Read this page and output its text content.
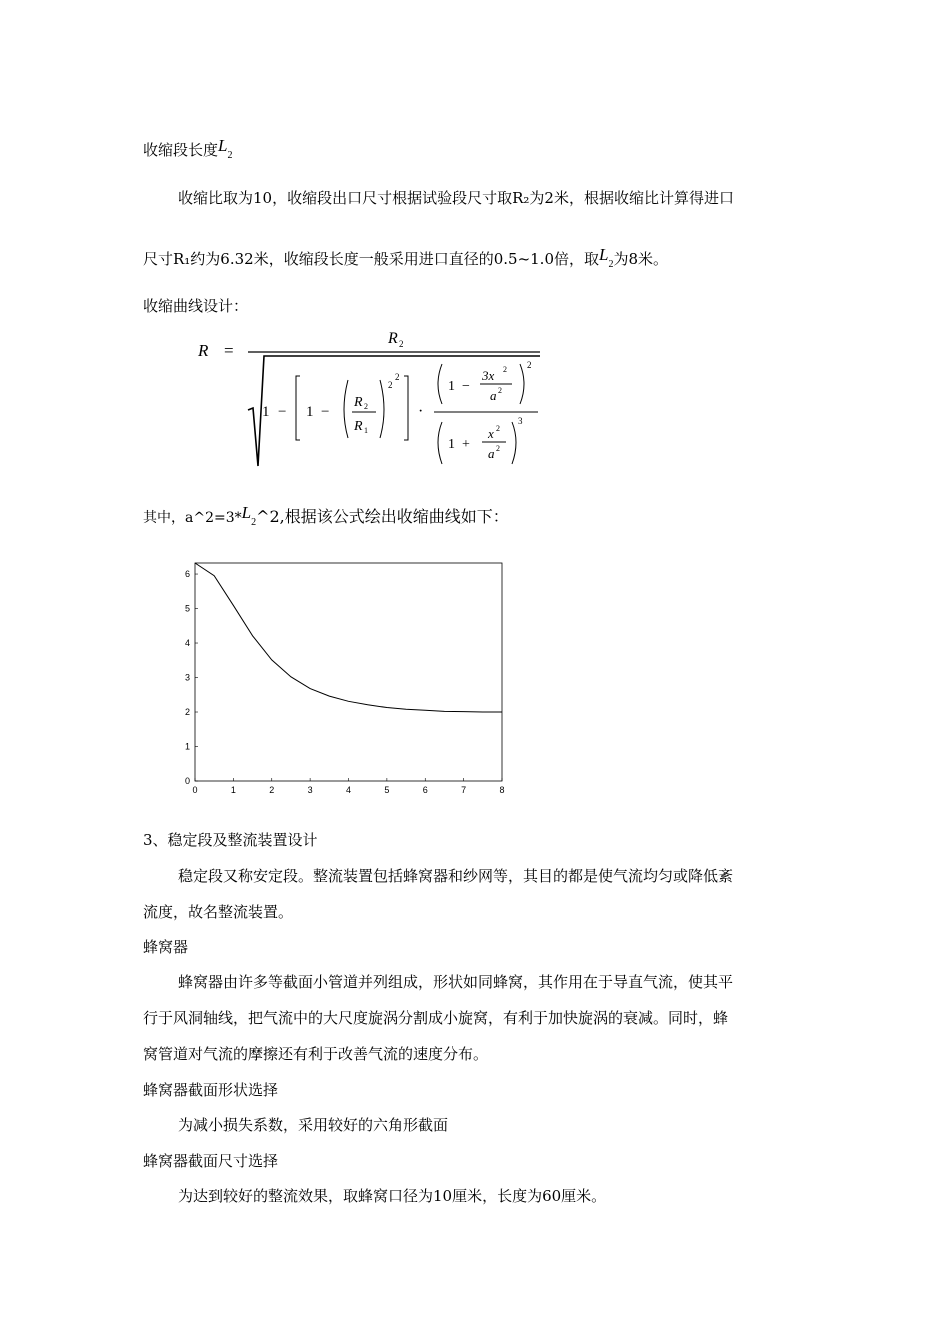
收缩段长度$L_2$
收缩比取为10，收缩段出口尺寸根据试验段尺寸取R₂为2米，根据收缩比计算得进口
尺寸R₁约为6.32米，收缩段长度一般采用进口直径的0.5~1.0倍，取$L_2$为8米。
收缩曲线设计：
R =
R 2
1 − 1 −
R 2
R 1
2
2
·
1 −
3x 2
a 2
2
1 +
x 2
a 2
3
其中，$a\^{}2=3*L_2\^{}2$,根据该公式绘出收缩曲线如下：
0	1	2	3	4	5	6	7	8
0
1
2
3
4
5
6
3、稳定段及整流装置设计
稳定段又称安定段。整流装置包括蜂窝器和纱网等，其目的都是使气流均匀或降低紊
流度，故名整流装置。
蜂窝器
蜂窝器由许多等截面小管道并列组成，形状如同蜂窝，其作用在于导直气流，使其平
行于风洞轴线，把气流中的大尺度旋涡分割成小旋窝，有利于加快旋涡的衰减。同时，蜂
窝管道对气流的摩擦还有利于改善气流的速度分布。
蜂窝器截面形状选择
为减小损失系数，采用较好的六角形截面
蜂窝器截面尺寸选择
为达到较好的整流效果，取蜂窝口径为10厘米，长度为60厘米。
